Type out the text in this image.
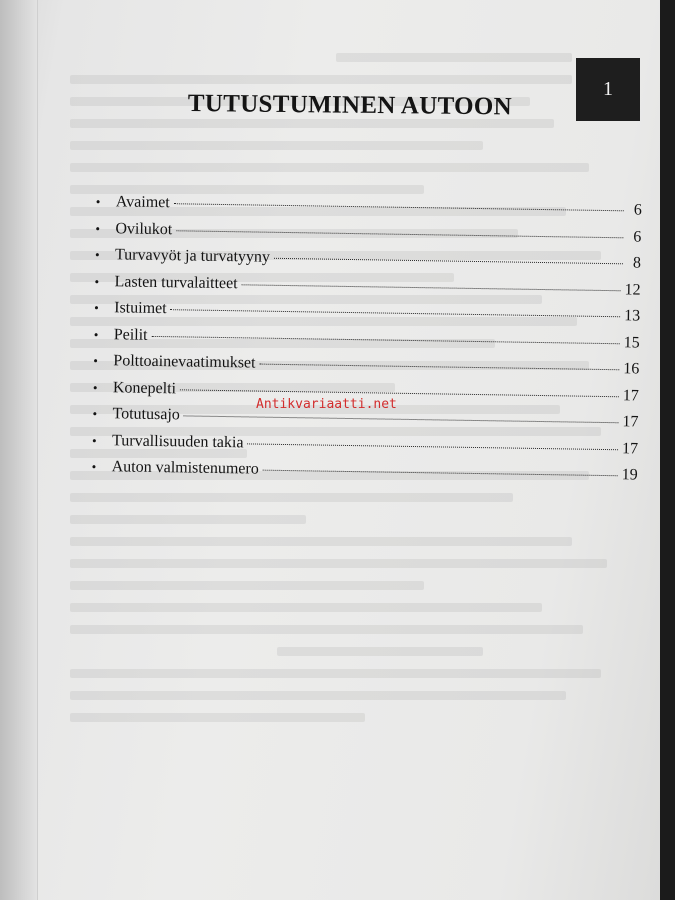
1
TUTUSTUMINEN AUTOON
• Avaimet	6
• Ovilukot	6
• Turvavyöt ja turvatyyny	8
• Lasten turvalaitteet	12
• Istuimet	13
• Peilit	15
• Polttoainevaatimukset	16
• Konepelti	17
• Totutusajo	17
• Turvallisuuden takia	17
• Auton valmistenumero	19
Antikvariaatti.net
